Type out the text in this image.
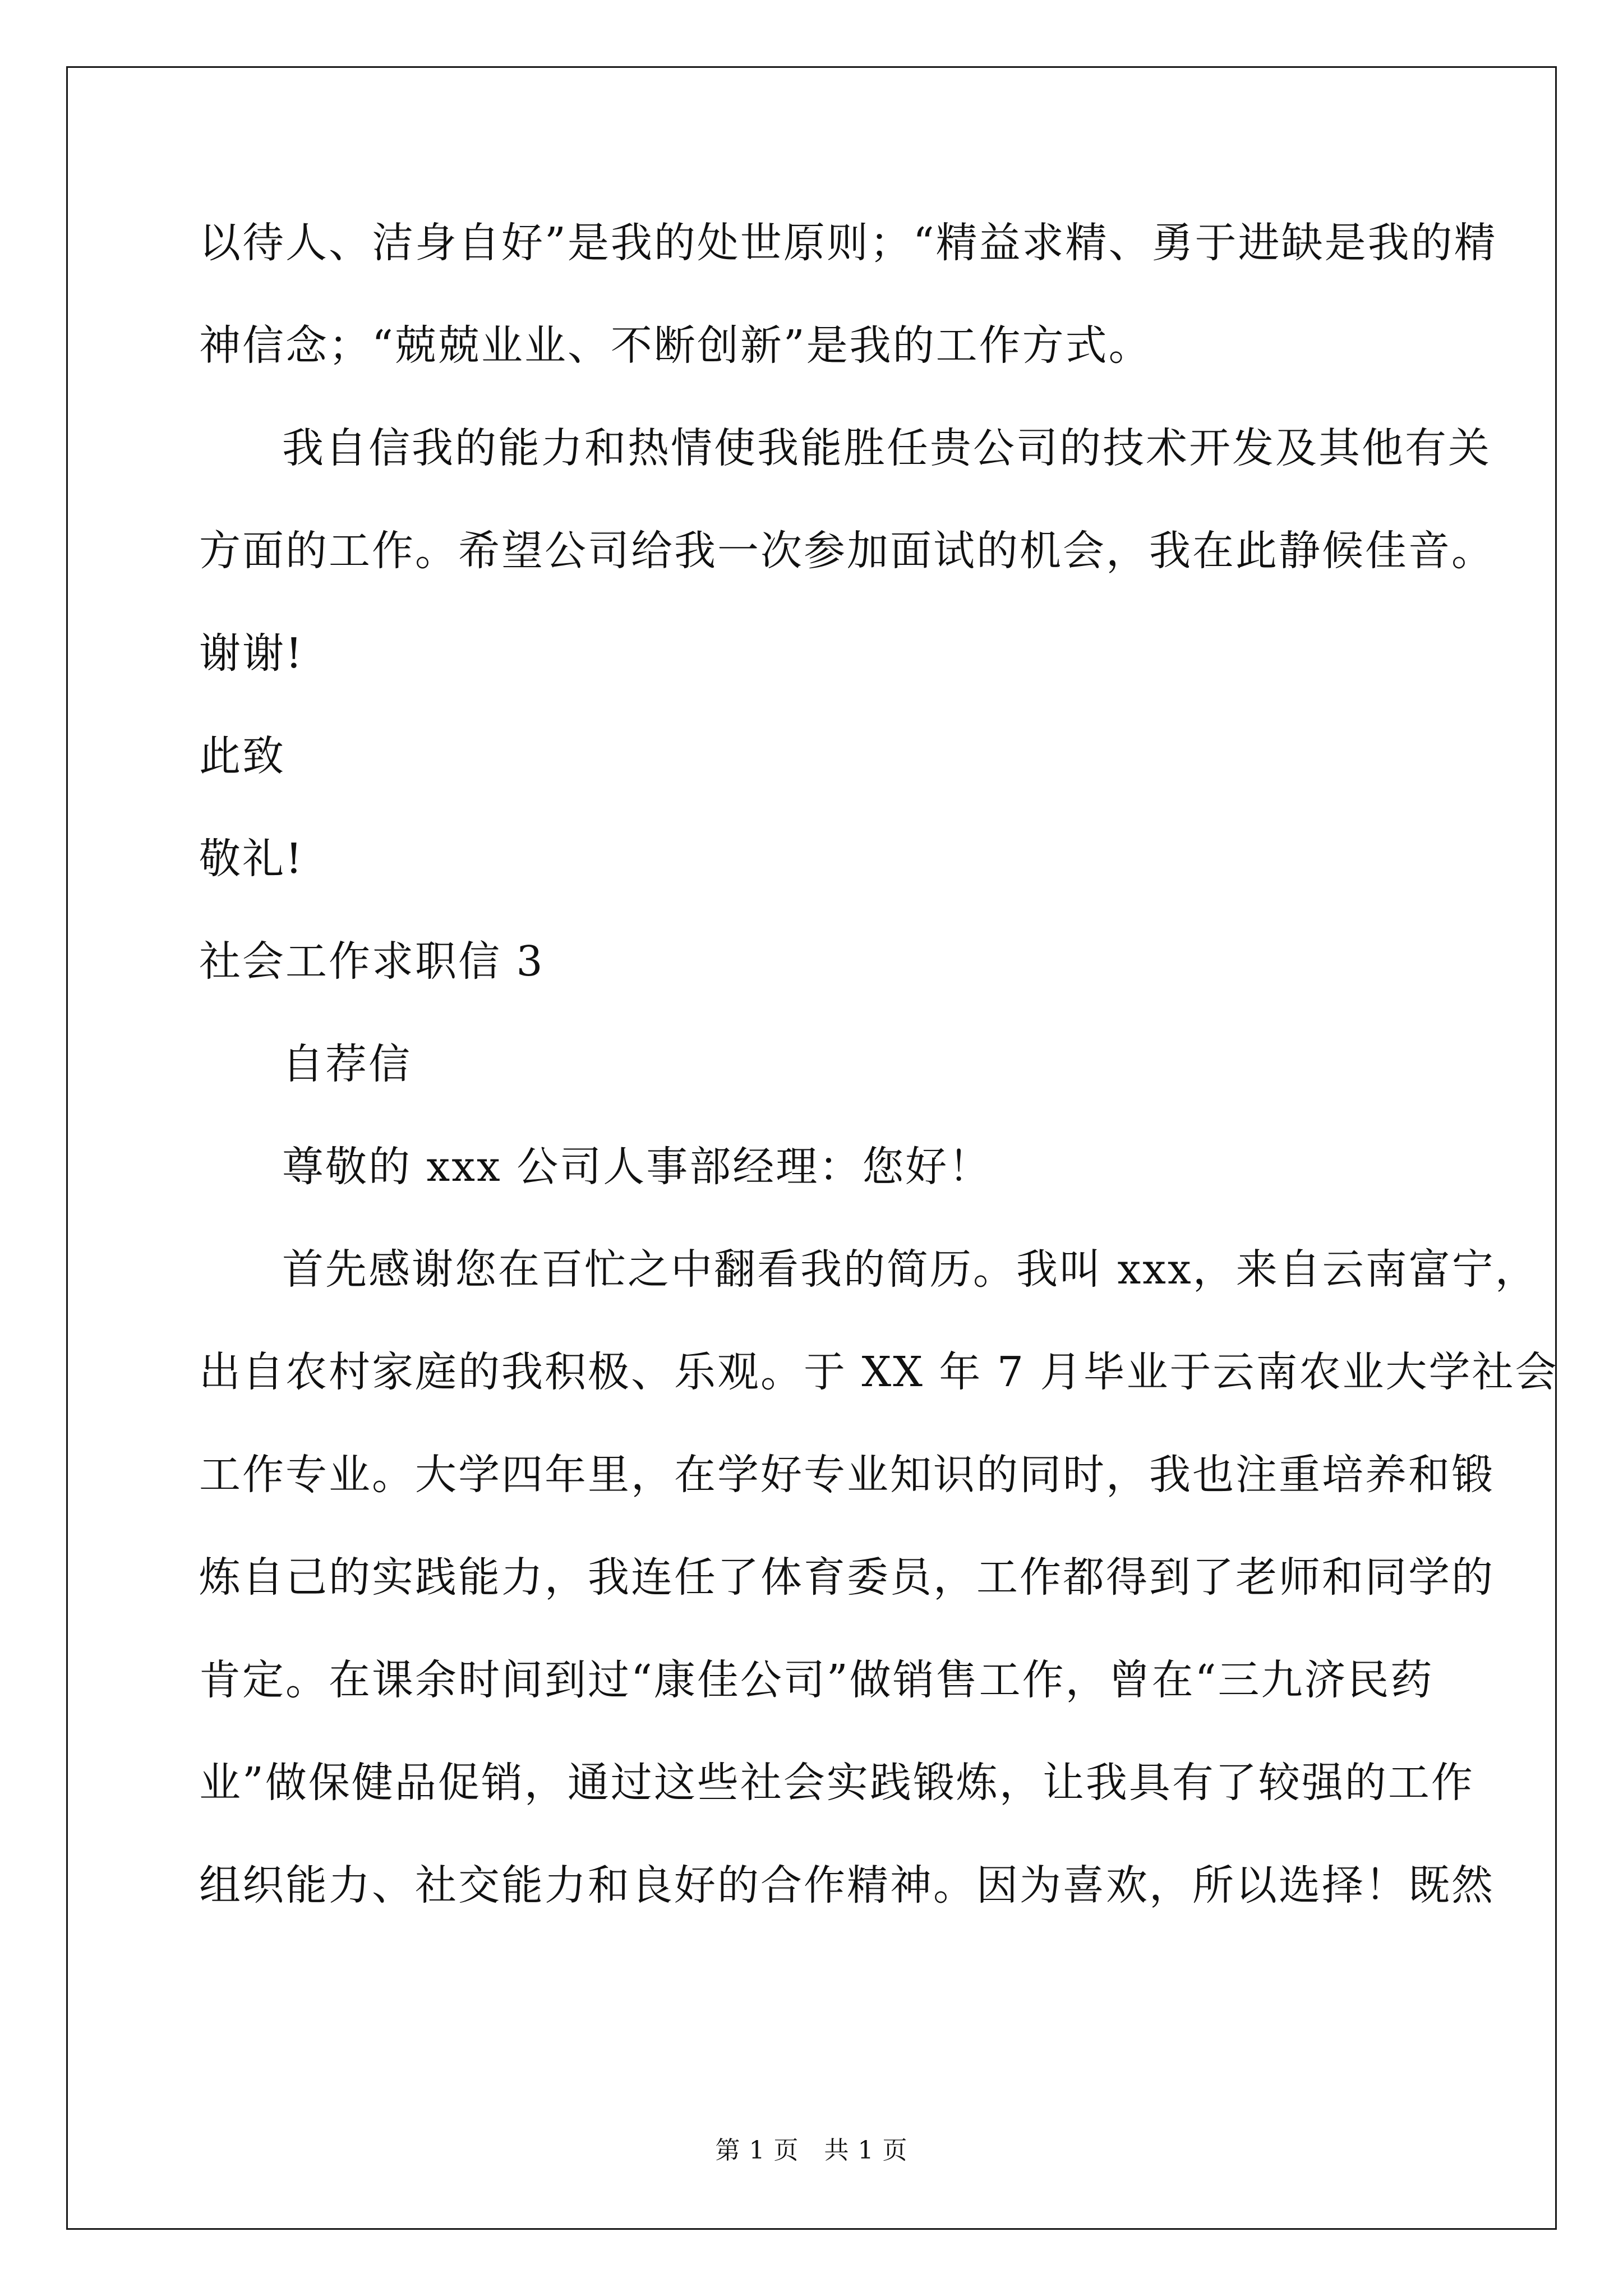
以待人、洁身自好”是我的处世原则；“精益求精、勇于进缺是我的精
神信念；“兢兢业业、不断创新”是我的工作方式。
我自信我的能力和热情使我能胜任贵公司的技术开发及其他有关
方面的工作。希望公司给我一次参加面试的机会，我在此静候佳音。
谢谢!
此致
敬礼!
社会工作求职信 3
自荐信
尊敬的 xxx 公司人事部经理：您好！
首先感谢您在百忙之中翻看我的简历。我叫 xxx，来自云南富宁，
出自农村家庭的我积极、乐观。于 XX 年 7 月毕业于云南农业大学社会
工作专业。大学四年里，在学好专业知识的同时，我也注重培养和锻
炼自己的实践能力，我连任了体育委员，工作都得到了老师和同学的
肯定。在课余时间到过“康佳公司”做销售工作，曾在“三九济民药
业”做保健品促销，通过这些社会实践锻炼，让我具有了较强的工作
组织能力、社交能力和良好的合作精神。因为喜欢，所以选择！既然
第 1 页　共 1 页
